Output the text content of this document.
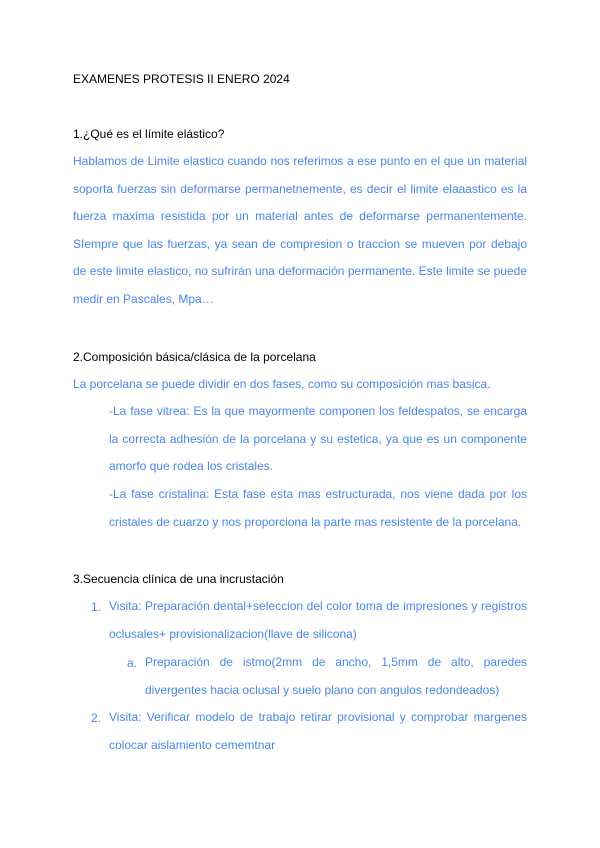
EXAMENES PROTESIS II ENERO 2024
1.¿Qué es el límite elástico?
Hablamos de Limite elastico cuando nos referimos a ese punto en el que un material soporta fuerzas sin deformarse permanetnemente, es decir el limite elaaastico es la fuerza maxima resistida por un material antes de deformarse permanentemente. SIempre que las fuerzas, ya sean de compresion o traccion se mueven por debajo de este limite elastico, no sufrirán una deformación permanente. Este limite se puede medir en Pascales, Mpa…
2.Composición básica/clásica de la porcelana
La porcelana se puede dividir en dos fases, como su composición mas basica.
-La fase vitrea: Es la que mayormente componen los feldespatos, se encarga la correcta adhesión de la porcelana y su estetica, ya que es un componente amorfo que rodea los cristales.
-La fase cristalina: Esta fase esta mas estructurada, nos viene dada por los cristales de cuarzo y nos proporciona la parte mas resistente de la porcelana.
3.Secuencia clínica de una incrustación
1. Visita: Preparación dental+seleccion del color toma de impresiones y registros oclusales+ provisionalizacion(llave de silicona)
a. Preparación de istmo(2mm de ancho, 1,5mm de alto, paredes divergentes hacia oclusal y suelo plano con angulos redondeados)
2. Visita: Verificar modelo de trabajo retirar provisional y comprobar margenes colocar aislamiento cememtnar
